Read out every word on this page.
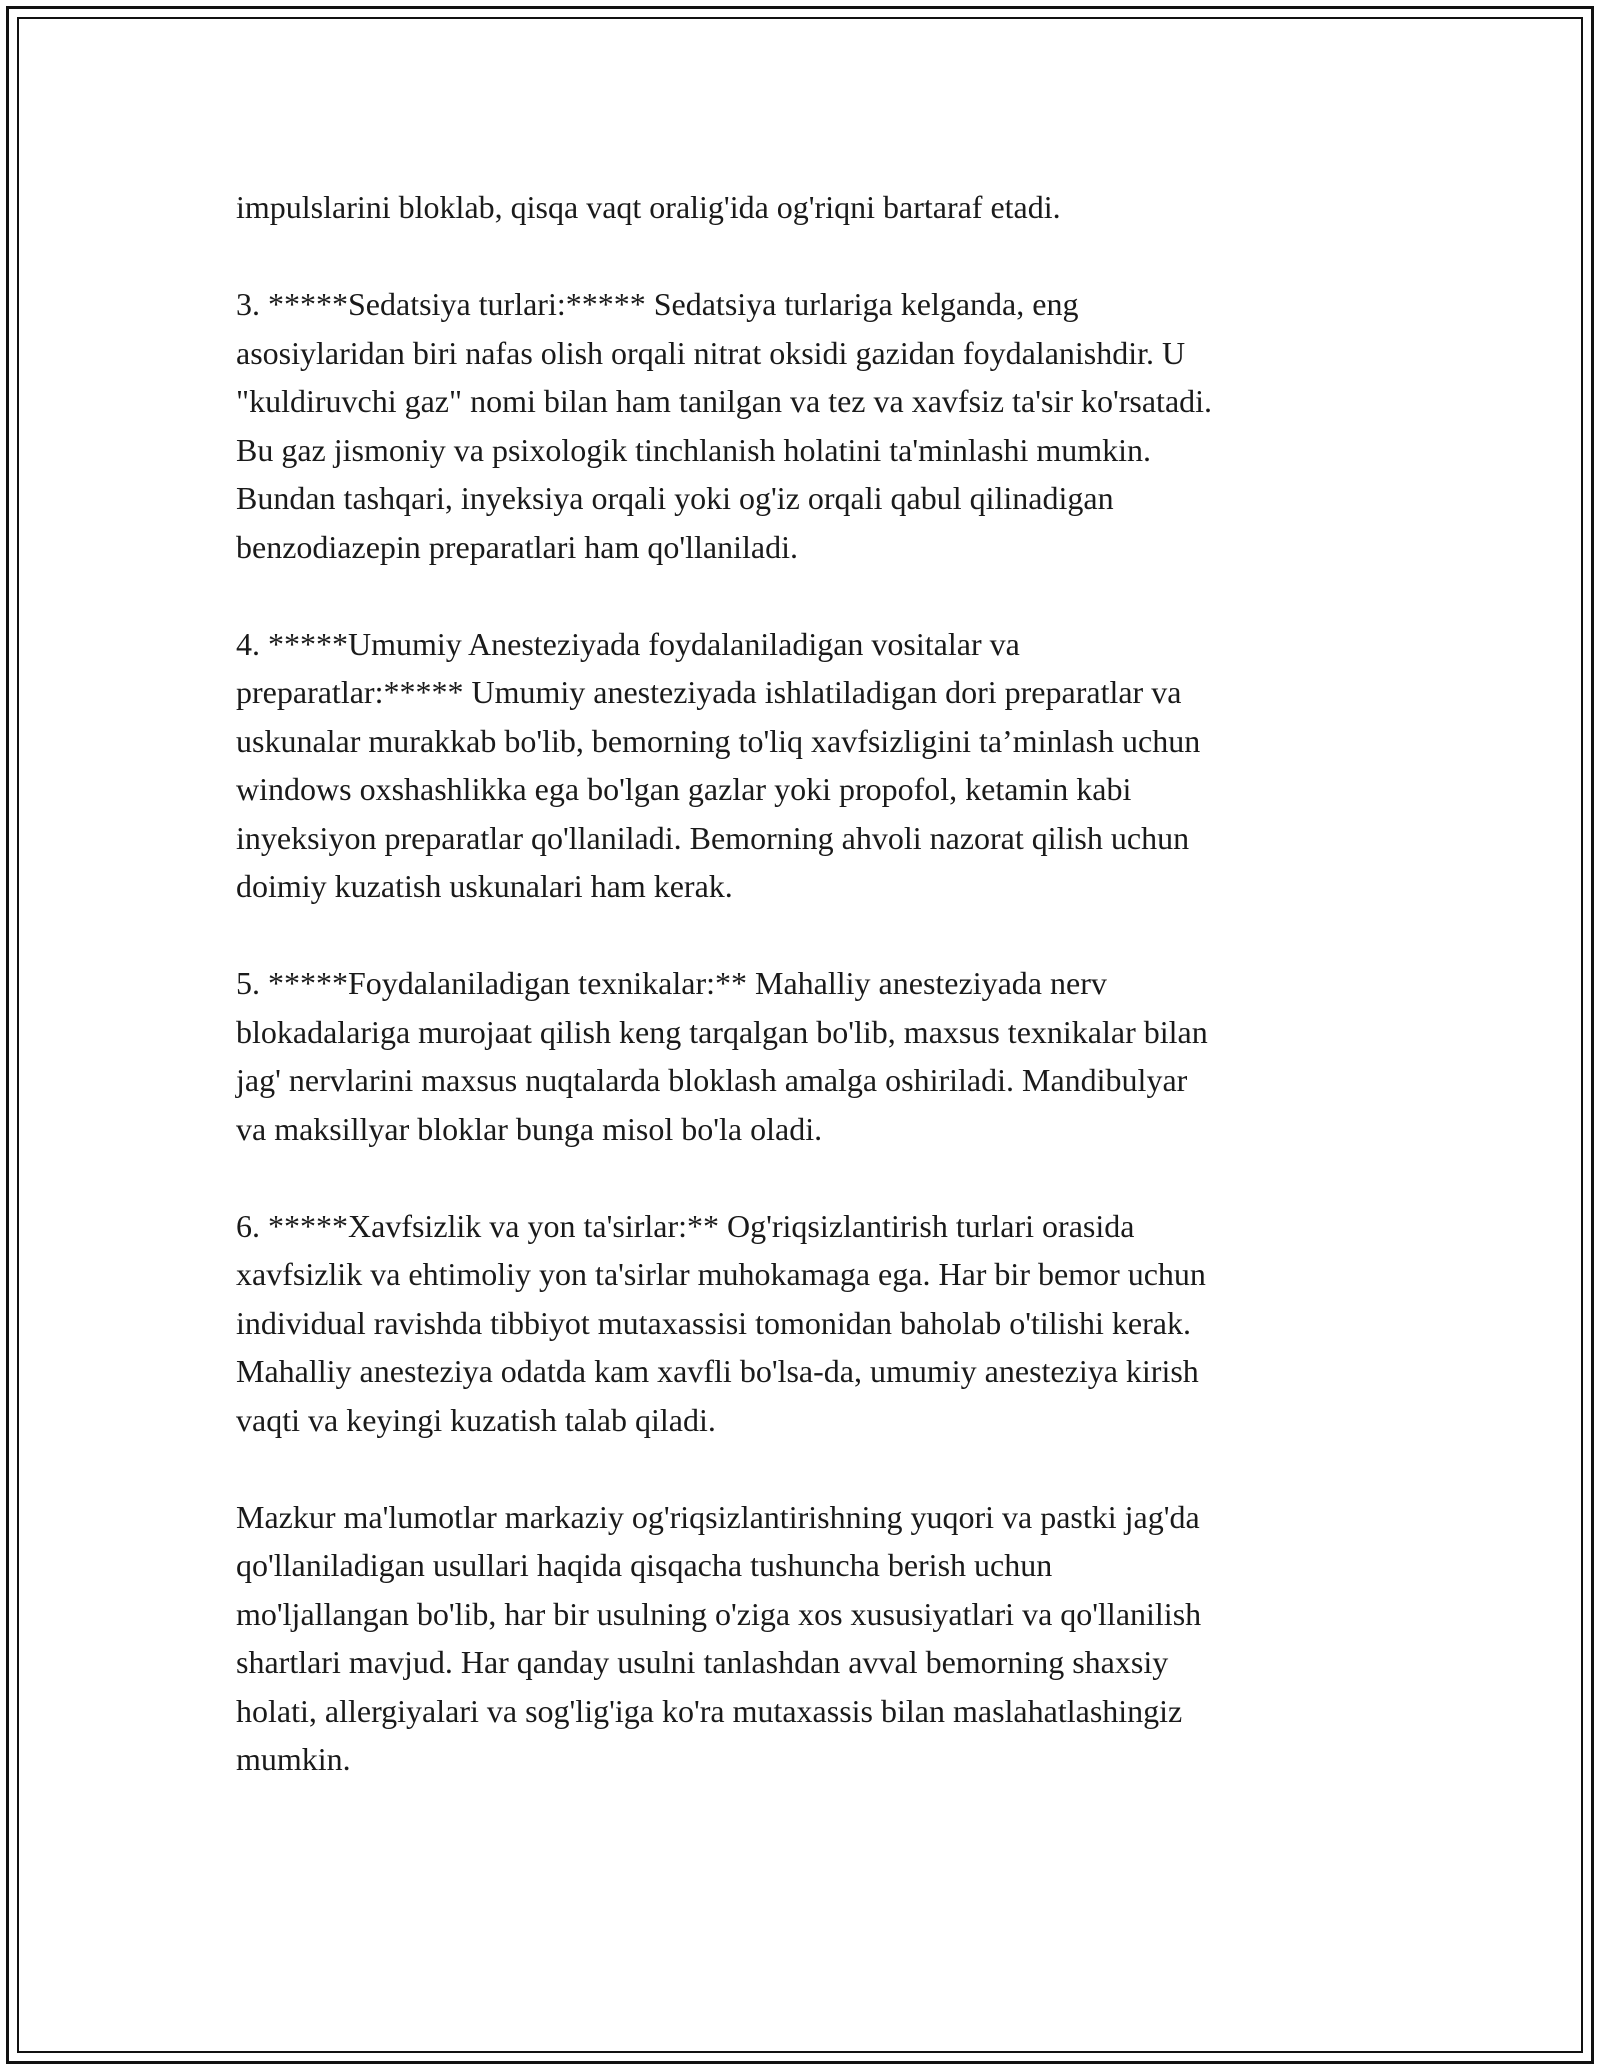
impulslarini bloklab, qisqa vaqt oralig'ida og'riqni bartaraf etadi.

3. *****Sedatsiya turlari:***** Sedatsiya turlariga kelganda, eng
asosiylaridan biri nafas olish orqali nitrat oksidi gazidan foydalanishdir. U
"kuldiruvchi gaz" nomi bilan ham tanilgan va tez va xavfsiz ta'sir ko'rsatadi.
Bu gaz jismoniy va psixologik tinchlanish holatini ta'minlashi mumkin.
Bundan tashqari, inyeksiya orqali yoki og'iz orqali qabul qilinadigan
benzodiazepin preparatlari ham qo'llaniladi.

4. *****Umumiy Anesteziyada foydalaniladigan vositalar va
preparatlar:***** Umumiy anesteziyada ishlatiladigan dori preparatlar va
uskunalar murakkab bo'lib, bemorning to'liq xavfsizligini ta’minlash uchun
windows oxshashlikka ega bo'lgan gazlar yoki propofol, ketamin kabi
inyeksiyon preparatlar qo'llaniladi. Bemorning ahvoli nazorat qilish uchun
doimiy kuzatish uskunalari ham kerak.

5. *****Foydalaniladigan texnikalar:** Mahalliy anesteziyada nerv
blokadalariga murojaat qilish keng tarqalgan bo'lib, maxsus texnikalar bilan
jag' nervlarini maxsus nuqtalarda bloklash amalga oshiriladi. Mandibulyar
va maksillyar bloklar bunga misol bo'la oladi.

6. *****Xavfsizlik va yon ta'sirlar:** Og'riqsizlantirish turlari orasida
xavfsizlik va ehtimoliy yon ta'sirlar muhokamaga ega. Har bir bemor uchun
individual ravishda tibbiyot mutaxassisi tomonidan baholab o'tilishi kerak.
Mahalliy anesteziya odatda kam xavfli bo'lsa-da, umumiy anesteziya kirish
vaqti va keyingi kuzatish talab qiladi.

Mazkur ma'lumotlar markaziy og'riqsizlantirishning yuqori va pastki jag'da
qo'llaniladigan usullari haqida qisqacha tushuncha berish uchun
mo'ljallangan bo'lib, har bir usulning o'ziga xos xususiyatlari va qo'llanilish
shartlari mavjud. Har qanday usulni tanlashdan avval bemorning shaxsiy
holati, allergiyalari va sog'lig'iga ko'ra mutaxassis bilan maslahatlashingiz
mumkin.
